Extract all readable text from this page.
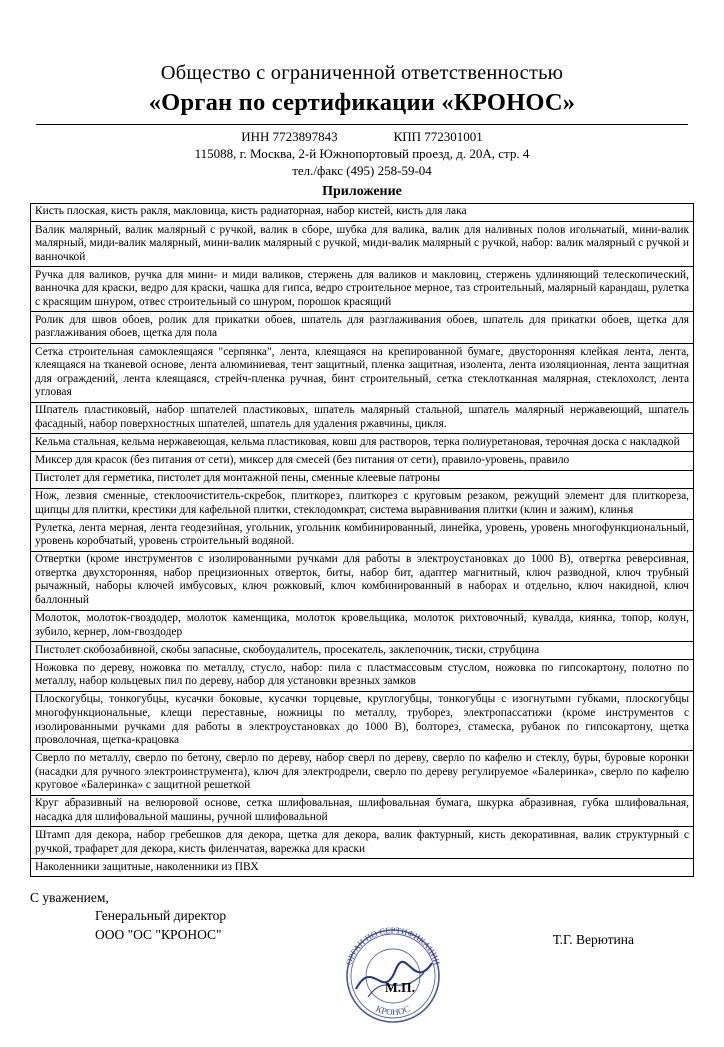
Общество с ограниченной ответственностью
«Орган по сертификации «КРОНОС»
ИНН 7723897843	КПП 772301001
115088, г. Москва, 2-й Южнопортовый проезд, д. 20А, стр. 4
тел./факс (495) 258-59-04
Приложение
Кисть плоская, кисть ракля, макловица, кисть радиаторная, набор кистей, кисть для лака
Валик малярный, валик малярный с ручкой, валик в сборе, шубка для валика, валик для наливных полов игольчатый, мини-валик малярный, миди-валик малярный, мини-валик малярный с ручкой, миди-валик малярный с ручкой, набор: валик малярный с ручкой и ванночкой
Ручка для валиков, ручка для мини- и миди валиков, стержень для валиков и макловиц, стержень удлиняющий телескопический, ванночка для краски, ведро для краски, чашка для гипса, ведро строительное мерное, таз строительный, малярный карандаш, рулетка с красящим шнуром, отвес строительный со шнуром, порошок красящий
Ролик для швов обоев, ролик для прикатки обоев, шпатель для разглаживания обоев, шпатель для прикатки обоев, щетка для разглаживания обоев, щетка для пола
Сетка строительная самоклеящаяся "серпянка", лента, клеящаяся на крепированной бумаге, двусторонняя клейкая лента, лента, клеящаяся на тканевой основе, лента алюминиевая, тент защитный, пленка защитная, изолента, лента изоляционная, лента защитная для ограждений, лента клеящаяся, стрейч-пленка ручная, бинт строительный, сетка стеклотканная малярная, стеклохолст, лента угловая
Шпатель пластиковый, набор шпателей пластиковых, шпатель малярный стальной, шпатель малярный нержавеющий, шпатель фасадный, набор поверхностных шпателей, шпатель для удаления ржавчины, цикля.
Кельма стальная, кельма нержавеющая, кельма пластиковая, ковш для растворов, терка полиуретановая, терочная доска с накладкой
Миксер для красок (без питания от сети), миксер для смесей (без питания от сети), правило-уровень, правило
Пистолет для герметика, пистолет для монтажной пены, сменные клеевые патроны
Нож, лезвия сменные, стеклоочиститель-скребок, плиткорез, плиткорез с круговым резаком, режущий элемент для плиткореза, щипцы для плитки, крестики для кафельной плитки, стеклодомкрат, система выравнивания плитки (клин и зажим), клинья
Рулетка, лента мерная, лента геодезийная, угольник, угольник комбинированный, линейка, уровень, уровень многофункциональный, уровень коробчатый, уровень строительный водяной.
Отвертки (кроме инструментов с изолированными ручками для работы в электроустановках до 1000 В), отвертка реверсивная, отвертка двухсторонняя, набор прецизионных отверток, биты, набор бит, адаптер магнитный, ключ разводной, ключ трубный рычажный, наборы ключей имбусовых, ключ рожковый, ключ комбинированный в наборах и отдельно, ключ накидной, ключ баллонный
Молоток, молоток-гвоздодер, молоток каменщика, молоток кровельщика, молоток рихтовочный, кувалда, киянка, топор, колун, зубило, кернер, лом-гвоздодер
Пистолет скобозабивной, скобы запасные, скобоудалитель, просекатель, заклепочник, тиски, струбцина
Ножовка по дереву, ножовка по металлу, стусло, набор: пила с пластмассовым стуслом, ножовка по гипсокартону, полотно по металлу, набор кольцевых пил по дереву, набор для установки врезных замков
Плоскогубцы, тонкогубцы, кусачки боковые, кусачки торцевые, круглогубцы, тонкогубцы с изогнутыми губками, плоскогубцы многофункциональные, клещи переставные, ножницы по металлу, труборез, электропассатижи (кроме инструментов с изолированными ручками для работы в электроустановках до 1000 В), болторез, стамеска, рубанок по гипсокартону, щетка проволочная, щетка-крацовка
Сверло по металлу, сверло по бетону, сверло по дереву, набор сверл по дереву, сверло по кафелю и стеклу, буры, буровые коронки (насадки для ручного электроинструмента), ключ для электродрели, сверло по дереву регулируемое «Балеринка», сверло по кафелю круговое «Балеринка» с защитной решеткой
Круг абразивный на велюровой основе, сетка шлифовальная, шлифовальная бумага, шкурка абразивная, губка шлифовальная, насадка для шлифовальной машины, ручной шлифовальной
Штамп для декора, набор гребешков для декора, щетка для декора, валик фактурный, кисть декоративная, валик структурный с ручкой, трафарет для декора, кисть филенчатая, варежка для краски
Наколенники защитные, наколенники из ПВХ
С уважением,
Генеральный директор
ООО "ОС "КРОНОС"
ОРГАН ПО СЕРТИФИКАЦИИ
КРОНОС
М.П.
Т.Г. Верютина
